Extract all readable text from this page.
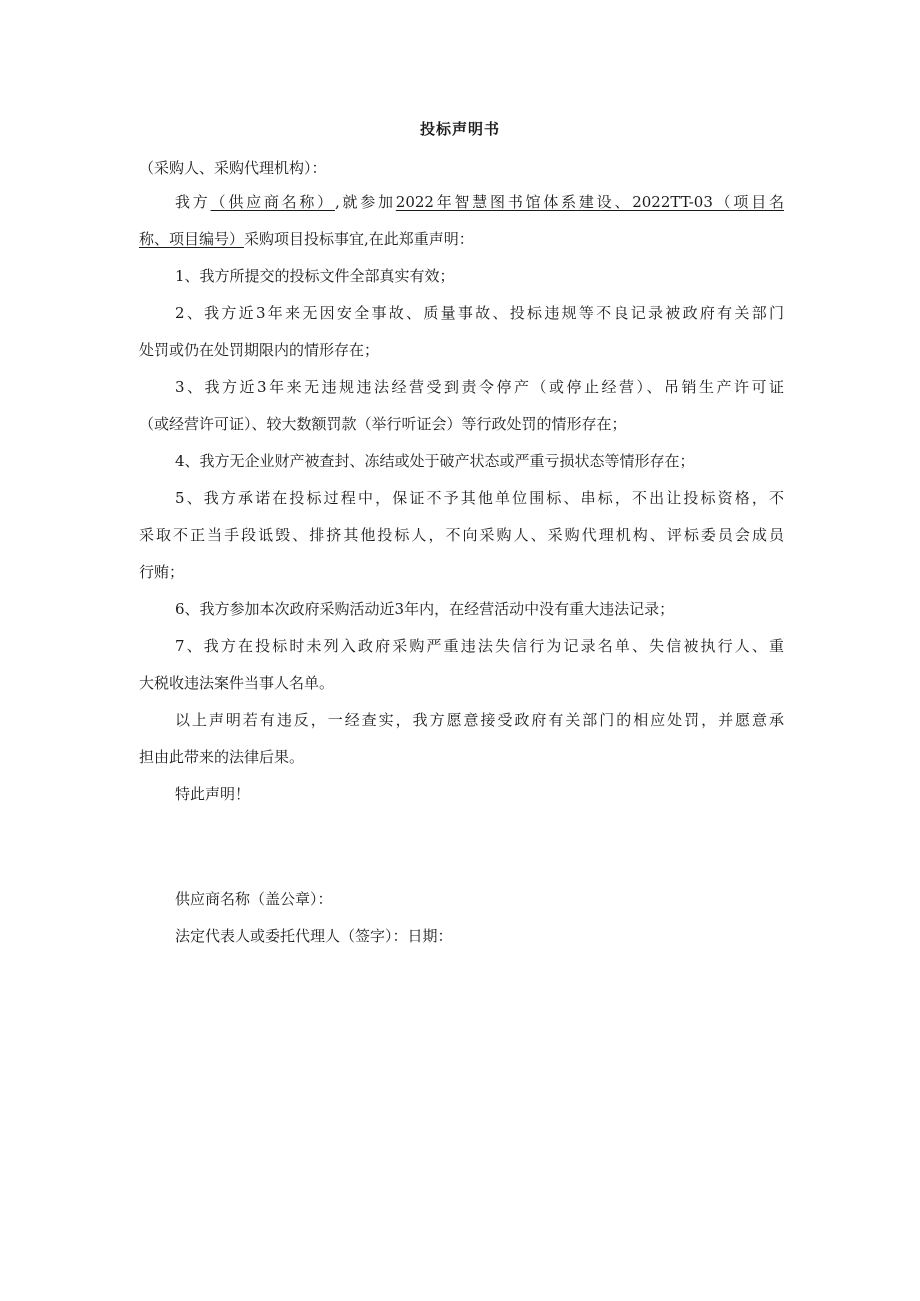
投标声明书
（采购人、采购代理机构）：
我方（供应商名称）,就参加2022年智慧图书馆体系建设、2022TT-03（项目名
称、项目编号）采购项目投标事宜,在此郑重声明：
1、我方所提交的投标文件全部真实有效；
2、我方近3年来无因安全事故、质量事故、投标违规等不良记录被政府有关部门
处罚或仍在处罚期限内的情形存在；
3、我方近3年来无违规违法经营受到责令停产（或停止经营）、吊销生产许可证
（或经营许可证）、较大数额罚款（举行听证会）等行政处罚的情形存在；
4、我方无企业财产被查封、冻结或处于破产状态或严重亏损状态等情形存在；
5、我方承诺在投标过程中，保证不予其他单位围标、串标，不出让投标资格，不
采取不正当手段诋毁、排挤其他投标人，不向采购人、采购代理机构、评标委员会成员
行贿；
6、我方参加本次政府采购活动近3年内，在经营活动中没有重大违法记录；
7、我方在投标时未列入政府采购严重违法失信行为记录名单、失信被执行人、重
大税收违法案件当事人名单。
以上声明若有违反，一经查实，我方愿意接受政府有关部门的相应处罚，并愿意承
担由此带来的法律后果。
特此声明！
供应商名称（盖公章）：
法定代表人或委托代理人（签字）：日期：
